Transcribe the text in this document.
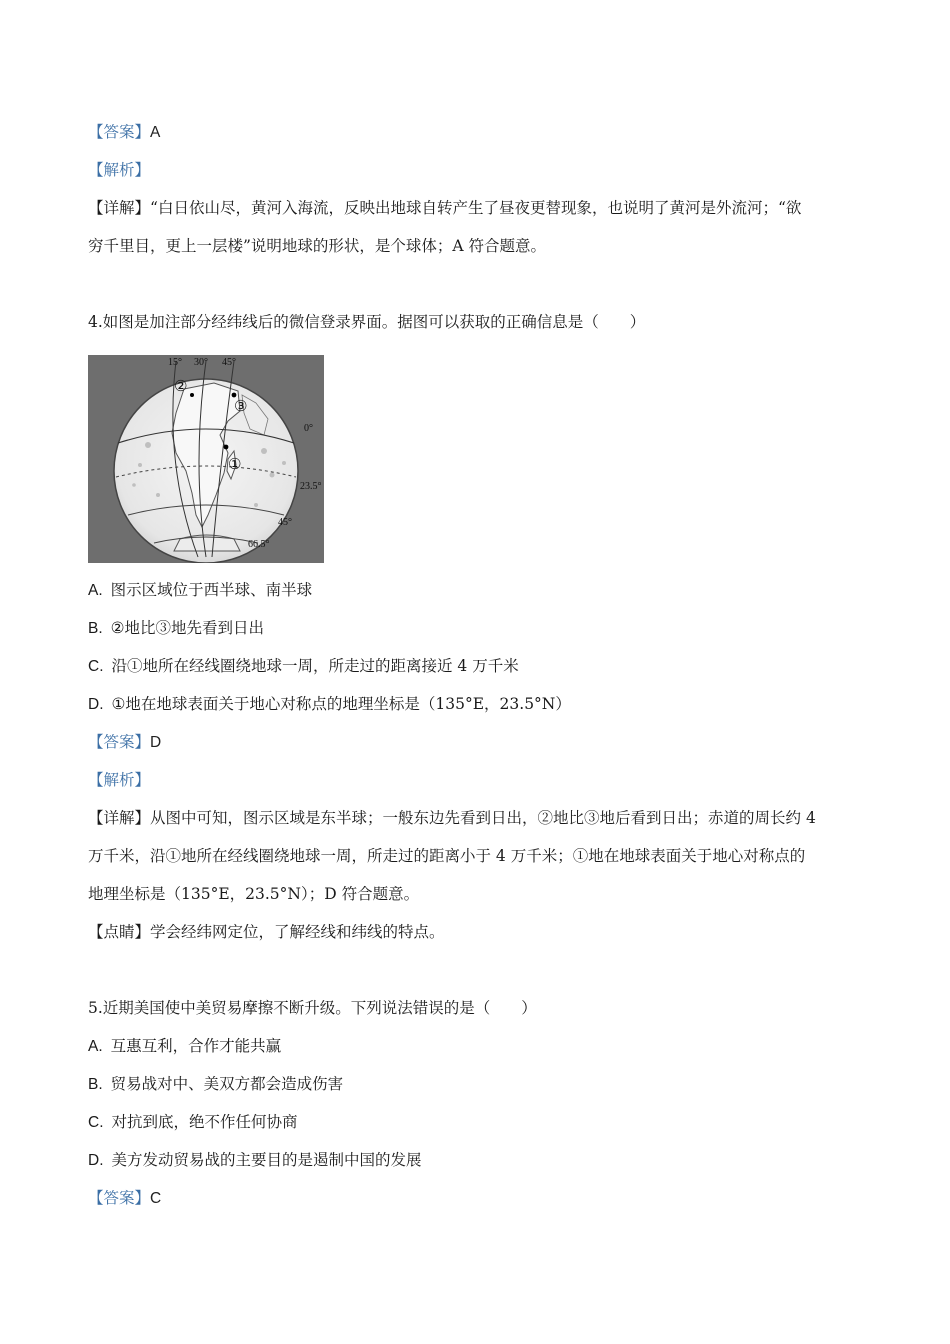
【答案】A
【解析】
【详解】“白日依山尽，黄河入海流，反映出地球自转产生了昼夜更替现象，也说明了黄河是外流河；“欲
穷千里目，更上一层楼”说明地球的形状，是个球体；A 符合题意。
4.如图是加注部分经纬线后的微信登录界面。据图可以获取的正确信息是（　　）
15° 30° 45°
0°
23.5°
45°
66.5°
②
③
①
A. 图示区域位于西半球、南半球
B. ②地比③地先看到日出
C. 沿①地所在经线圈绕地球一周，所走过的距离接近 4 万千米
D. ①地在地球表面关于地心对称点的地理坐标是（135°E，23.5°N）
【答案】D
【解析】
【详解】从图中可知，图示区域是东半球；一般东边先看到日出，②地比③地后看到日出；赤道的周长约 4
万千米，沿①地所在经线圈绕地球一周，所走过的距离小于 4 万千米；①地在地球表面关于地心对称点的
地理坐标是（135°E，23.5°N）；D 符合题意。
【点睛】学会经纬网定位，了解经线和纬线的特点。
5.近期美国使中美贸易摩擦不断升级。下列说法错误的是（　　）
A. 互惠互利，合作才能共赢
B. 贸易战对中、美双方都会造成伤害
C. 对抗到底，绝不作任何协商
D. 美方发动贸易战的主要目的是遏制中国的发展
【答案】C
